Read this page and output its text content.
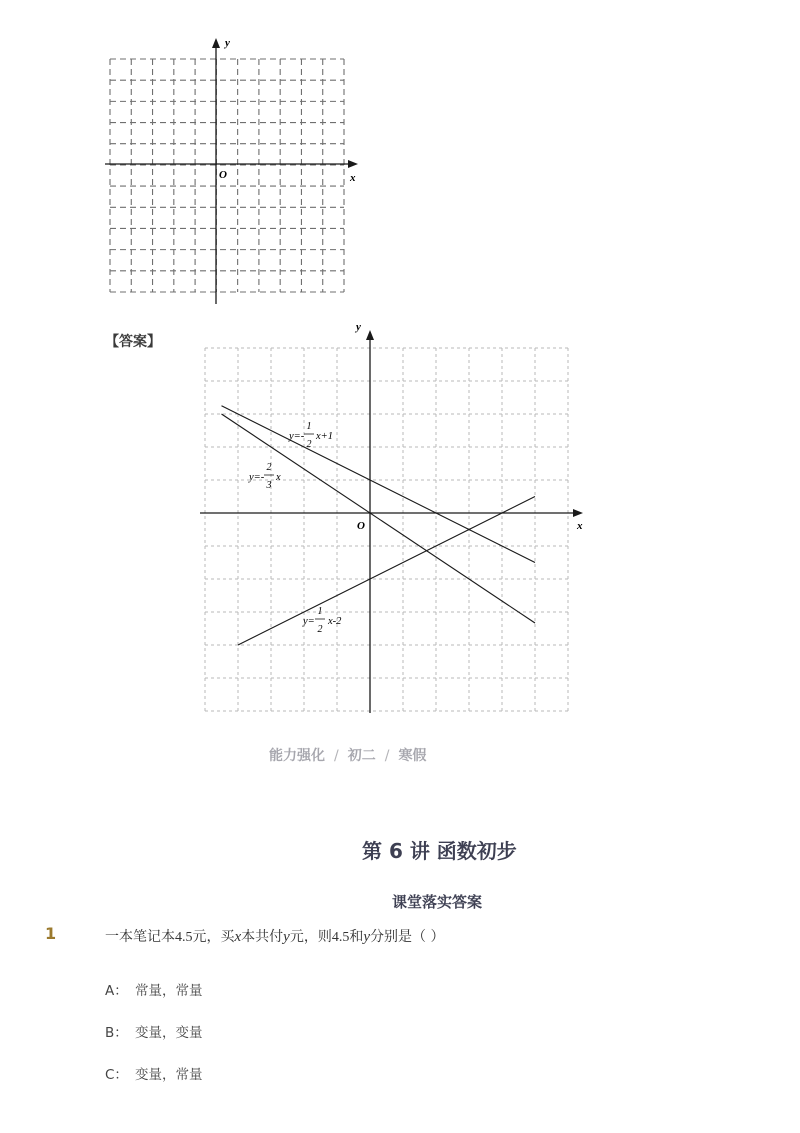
x
y
O
【答案】
x
y
O
y=-
1
2
x+1
y=-
2
3
x
y=
1
2
x-2
能力强化 / 初二 / 寒假
第 6 讲 函数初步
课堂落实答案
1	一本笔记本4.5元，买x本共付y元，则4.5和y分别是（ ）
A： 常量，常量
B： 变量，变量
C： 变量，常量
